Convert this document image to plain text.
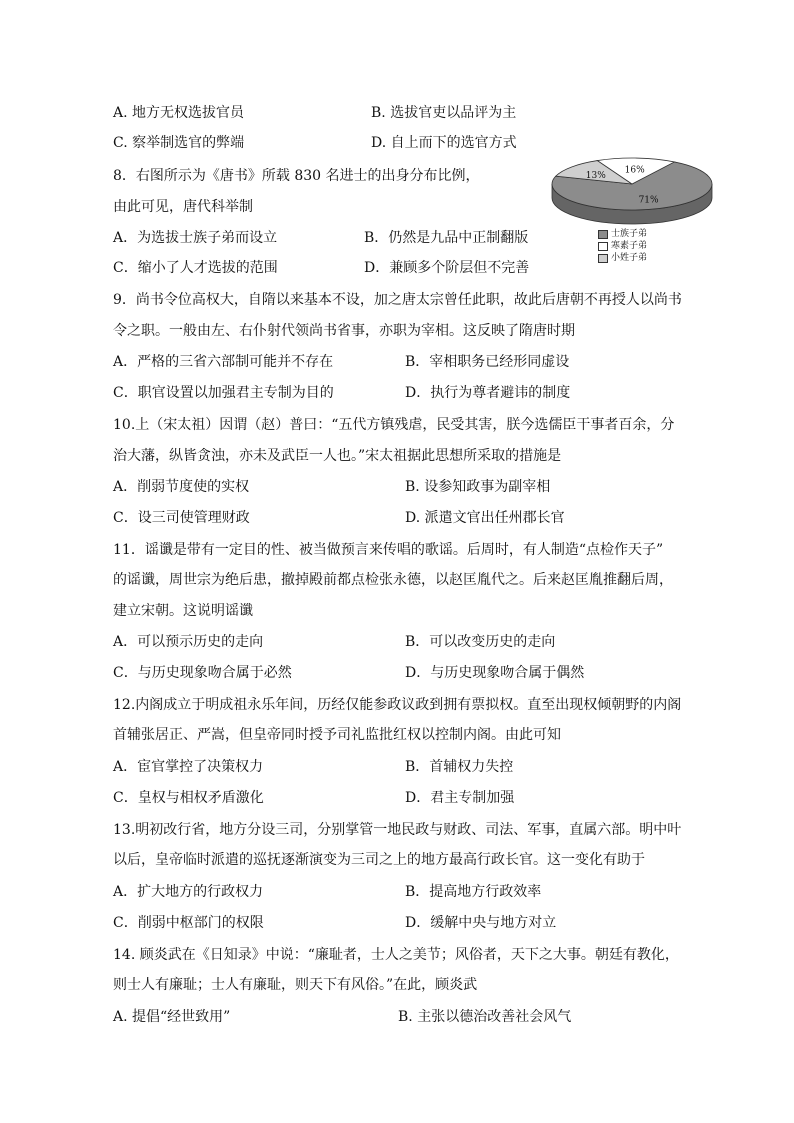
A. 地方无权选拔官员	B. 选拔官吏以品评为主
C. 察举制选官的弊端	D. 自上而下的选官方式
8．右图所示为《唐书》所载 830 名进士的出身分布比例，
由此可见，唐代科举制
A．为选拔士族子弟而设立	B．仍然是九品中正制翻版
C．缩小了人才选拔的范围	D．兼顾多个阶层但不完善
71%
13%
16%
士族子弟
寒素子弟
小姓子弟
9．尚书令位高权大，自隋以来基本不设，加之唐太宗曾任此职，故此后唐朝不再授人以尚书
令之职。一般由左、右仆射代领尚书省事，亦职为宰相。这反映了隋唐时期
A．严格的三省六部制可能并不存在	B．宰相职务已经形同虚设
C．职官设置以加强君主专制为目的	D．执行为尊者避讳的制度
10.上（宋太祖）因谓（赵）普曰：“五代方镇残虐，民受其害，朕今选儒臣干事者百余，分
治大藩，纵皆贪浊，亦未及武臣一人也。”宋太祖据此思想所采取的措施是
A．削弱节度使的实权	B. 设参知政事为副宰相
C．设三司使管理财政	D. 派遣文官出任州郡长官
11．谣谶是带有一定目的性、被当做预言来传唱的歌谣。后周时，有人制造“点检作天子”
的谣谶，周世宗为绝后患，撤掉殿前都点检张永德，以赵匡胤代之。后来赵匡胤推翻后周，
建立宋朝。这说明谣谶
A．可以预示历史的走向	B．可以改变历史的走向
C．与历史现象吻合属于必然	D．与历史现象吻合属于偶然
12.内阁成立于明成祖永乐年间，历经仅能参政议政到拥有票拟权。直至出现权倾朝野的内阁
首辅张居正、严嵩，但皇帝同时授予司礼监批红权以控制内阁。由此可知
A．宦官掌控了决策权力	B．首辅权力失控
C．皇权与相权矛盾激化	D．君主专制加强
13.明初改行省，地方分设三司，分别掌管一地民政与财政、司法、军事，直属六部。明中叶
以后，皇帝临时派遣的巡抚逐渐演变为三司之上的地方最高行政长官。这一变化有助于
A．扩大地方的行政权力	B．提高地方行政效率
C．削弱中枢部门的权限	D．缓解中央与地方对立
14. 顾炎武在《日知录》中说：“廉耻者，士人之美节；风俗者，天下之大事。朝廷有教化，
则士人有廉耻；士人有廉耻，则天下有风俗。”在此，顾炎武
A. 提倡“经世致用”	B. 主张以德治改善社会风气
